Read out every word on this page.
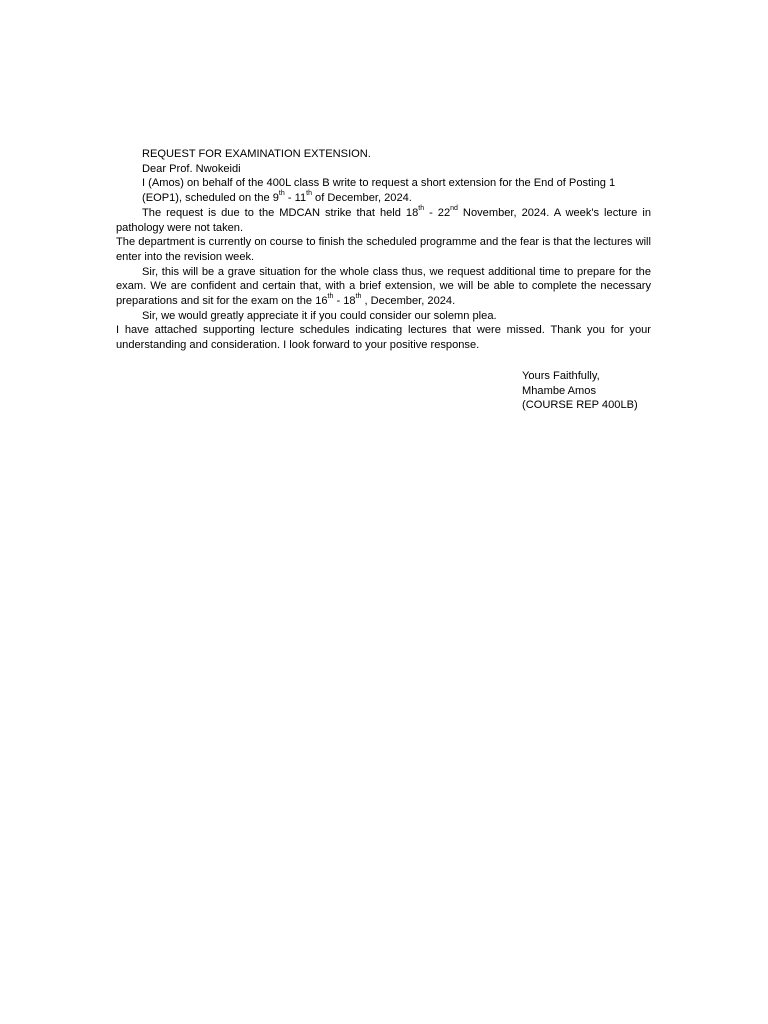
REQUEST FOR EXAMINATION EXTENSION.
Dear Prof. Nwokeidi
I (Amos) on behalf of the 400L class B write to request a short extension for the End of Posting 1 (EOP1), scheduled on the 9th - 11th of December, 2024.
The request is due to the MDCAN strike that held 18th - 22nd November, 2024. A week's lecture in pathology were not taken.
The department is currently on course to finish the scheduled programme and the fear is that the lectures will enter into the revision week.
Sir, this will be a grave situation for the whole class thus, we request additional time to prepare for the exam. We are confident and certain that, with a brief extension, we will be able to complete the necessary preparations and sit for the exam on the 16th - 18th , December, 2024.
Sir, we would greatly appreciate it if you could consider our solemn plea.
I have attached supporting lecture schedules indicating lectures that were missed. Thank you for your understanding and consideration. I look forward to your positive response.
Yours Faithfully,
Mhambe Amos
(COURSE REP 400LB)
